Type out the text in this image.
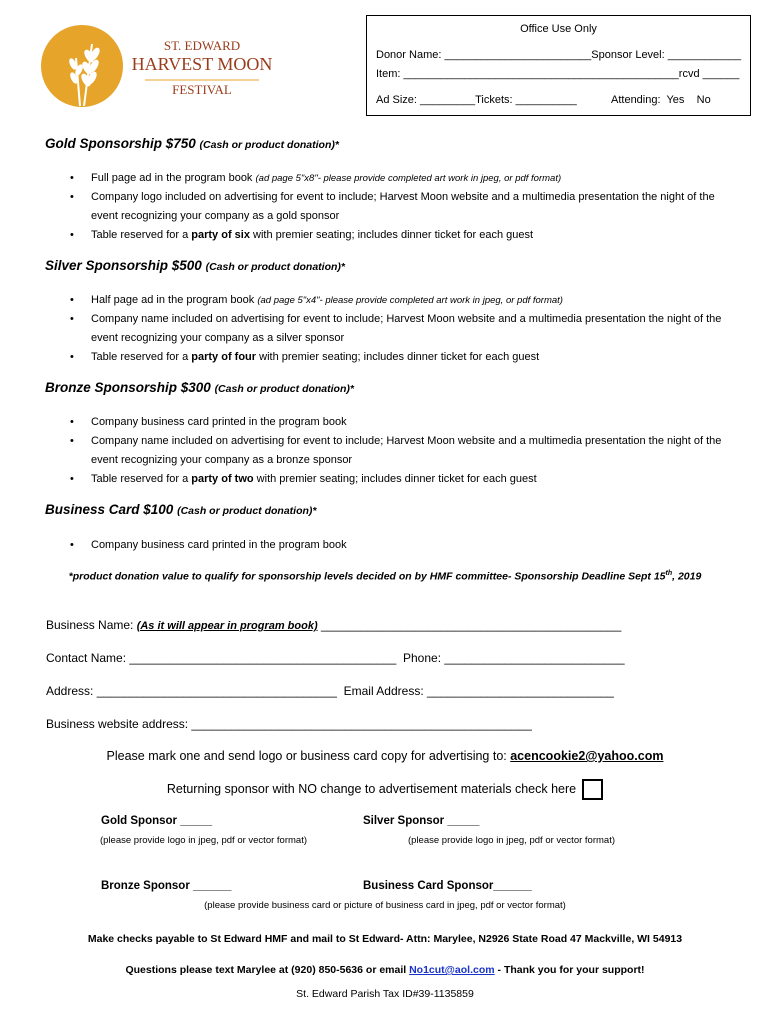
ST. EDWARD
HARVEST MOON
FESTIVAL
Office Use Only
Donor Name: ________________________Sponsor Level: ____________
Item: _____________________________________________rcvd ______
Ad Size: _________Tickets: __________	Attending:  Yes    No
Gold Sponsorship $750 (Cash or product donation)*
• Full page ad in the program book (ad page 5"x8"- please provide completed art work in jpeg, or pdf format)
• Company logo included on advertising for event to include; Harvest Moon website and a multimedia presentation the night of the event recognizing your company as a gold sponsor
• Table reserved for a party of six with premier seating; includes dinner ticket for each guest
Silver Sponsorship $500 (Cash or product donation)*
• Half page ad in the program book (ad page 5"x4"- please provide completed art work in jpeg, or pdf format)
• Company name included on advertising for event to include; Harvest Moon website and a multimedia presentation the night of the event recognizing your company as a silver sponsor
• Table reserved for a party of four with premier seating; includes dinner ticket for each guest
Bronze Sponsorship $300 (Cash or product donation)*
• Company business card printed in the program book
• Company name included on advertising for event to include; Harvest Moon website and a multimedia presentation the night of the event recognizing your company as a bronze sponsor
• Table reserved for a party of two with premier seating; includes dinner ticket for each guest
Business Card $100 (Cash or product donation)*
• Company business card printed in the program book
*product donation value to qualify for sponsorship levels decided on by HMF committee- Sponsorship Deadline Sept 15th, 2019
Business Name: (As it will appear in program book) _____________________________________________
Contact Name: ________________________________________  Phone: ___________________________
Address: ____________________________________  Email Address: ____________________________
Business website address: ___________________________________________________
Please mark one and send logo or business card copy for advertising to: acencookie2@yahoo.com
Returning sponsor with NO change to advertisement materials check here
Gold Sponsor _____
(please provide logo in jpeg, pdf or vector format)
Silver Sponsor _____
(please provide logo in jpeg, pdf or vector format)
Bronze Sponsor ______	Business Card Sponsor______
(please provide business card or picture of business card in jpeg, pdf or vector format)
Make checks payable to St Edward HMF and mail to St Edward- Attn: Marylee, N2926 State Road 47 Mackville, WI 54913
Questions please text Marylee at (920) 850-5636 or email No1cut@aol.com - Thank you for your support!
St. Edward Parish Tax ID#39-1135859
